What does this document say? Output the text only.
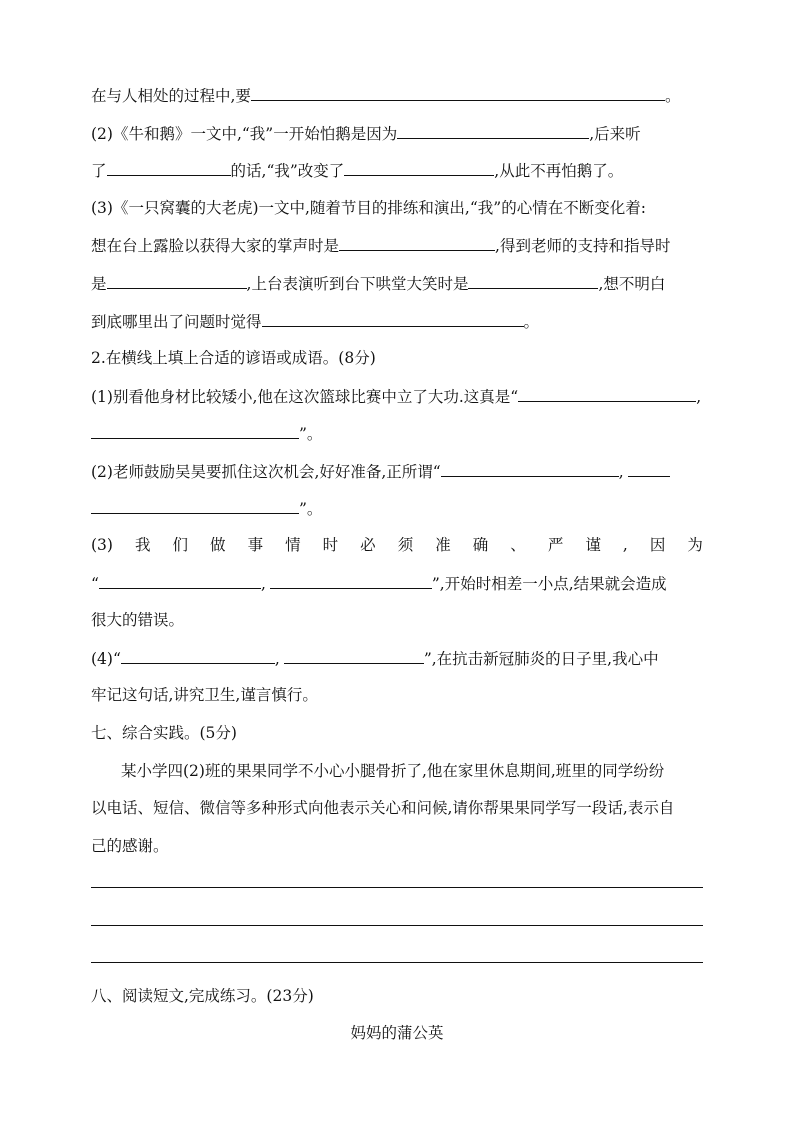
在与人相处的过程中,要	。
(2)《牛和鹅》一文中,“我”一开始怕鹅是因为	,后来听
了	的话,“我”改变了	,从此不再怕鹅了。
(3)《一只窝囊的大老虎)一文中,随着节目的排练和演出,“我”的心情在不断变化着:
想在台上露脸以获得大家的掌声时是	,得到老师的支持和指导时
是	,上台表演听到台下哄堂大笑时是	,想不明白
到底哪里出了问题时觉得	。
2.在横线上填上合适的谚语或成语。(8分)
(1)别看他身材比较矮小,他在这次篮球比赛中立了大功.这真是“	,
”。
(2)老师鼓励吴昊要抓住这次机会,好好准备,正所谓“	,
”。
(3) 我 们 做 事 情 时 必 须 准 确 、 严 谨 , 因 为
“	,	”,开始时相差一小点,结果就会造成
很大的错误。
(4)“	,	”,在抗击新冠肺炎的日子里,我心中
牢记这句话,讲究卫生,谨言慎行。
七、综合实践。(5分)
某小学四(2)班的果果同学不小心小腿骨折了,他在家里休息期间,班里的同学纷纷
以电话、短信、微信等多种形式向他表示关心和问候,请你帮果果同学写一段话,表示自
己的感谢。
八、阅读短文,完成练习。(23分)
妈妈的蒲公英
